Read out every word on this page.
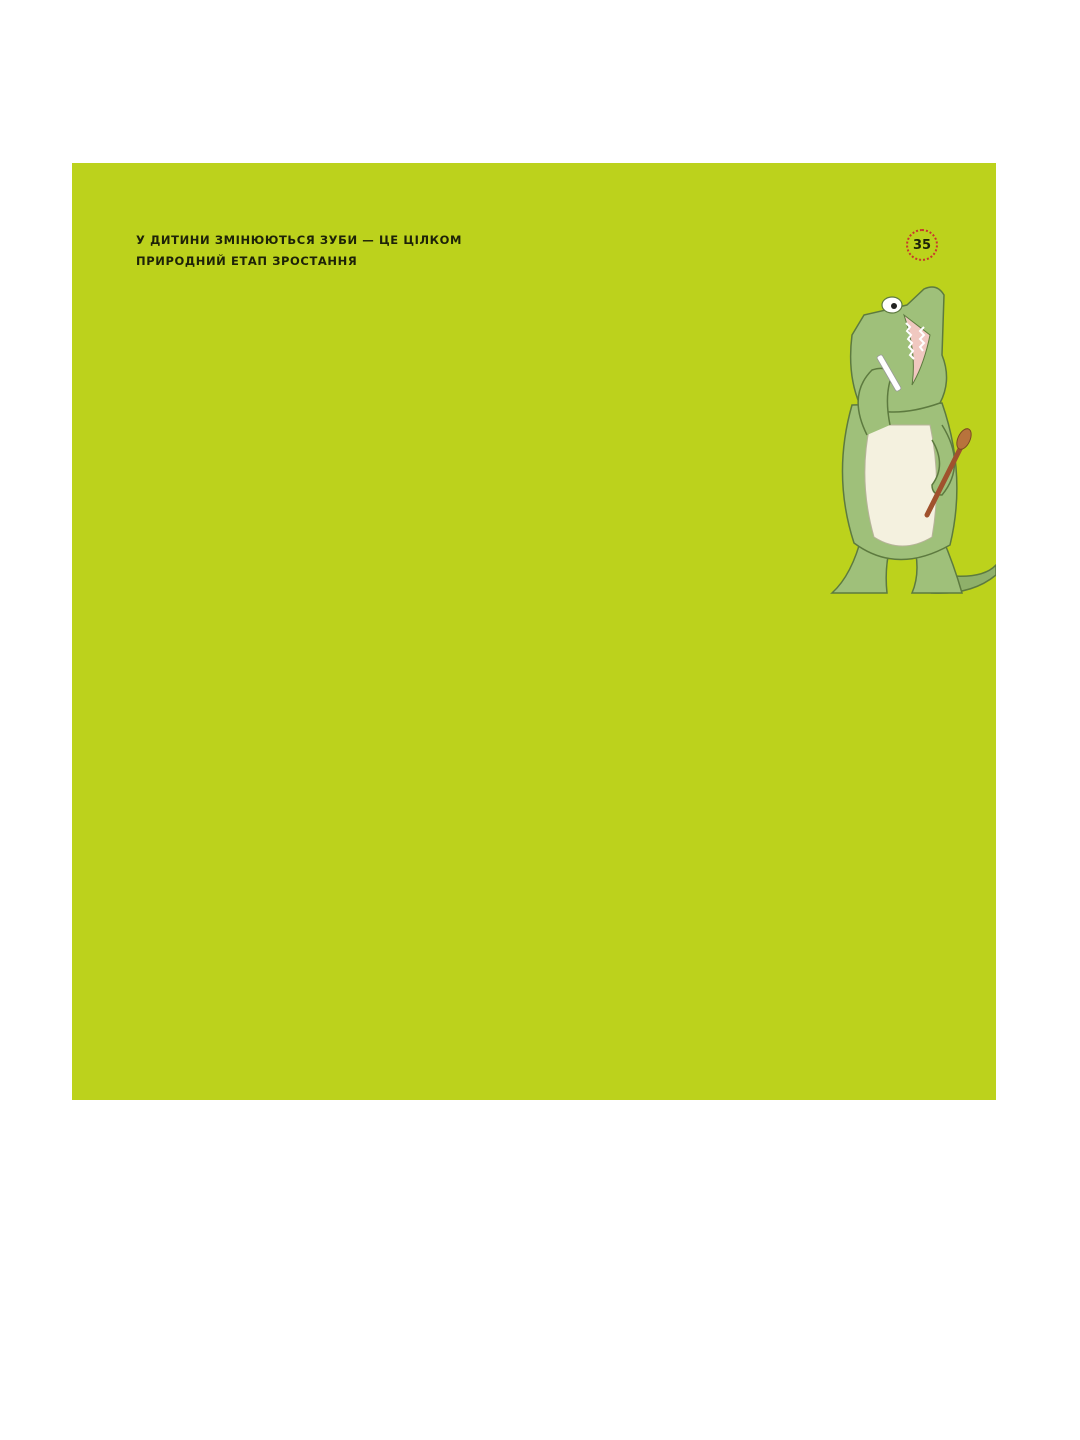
У ДИТИНИ ЗМІНЮЮТЬСЯ ЗУБИ — ЦЕ ЦІЛКОМ
ПРИРОДНИЙ ЕТАП ЗРОСТАННЯ
35
